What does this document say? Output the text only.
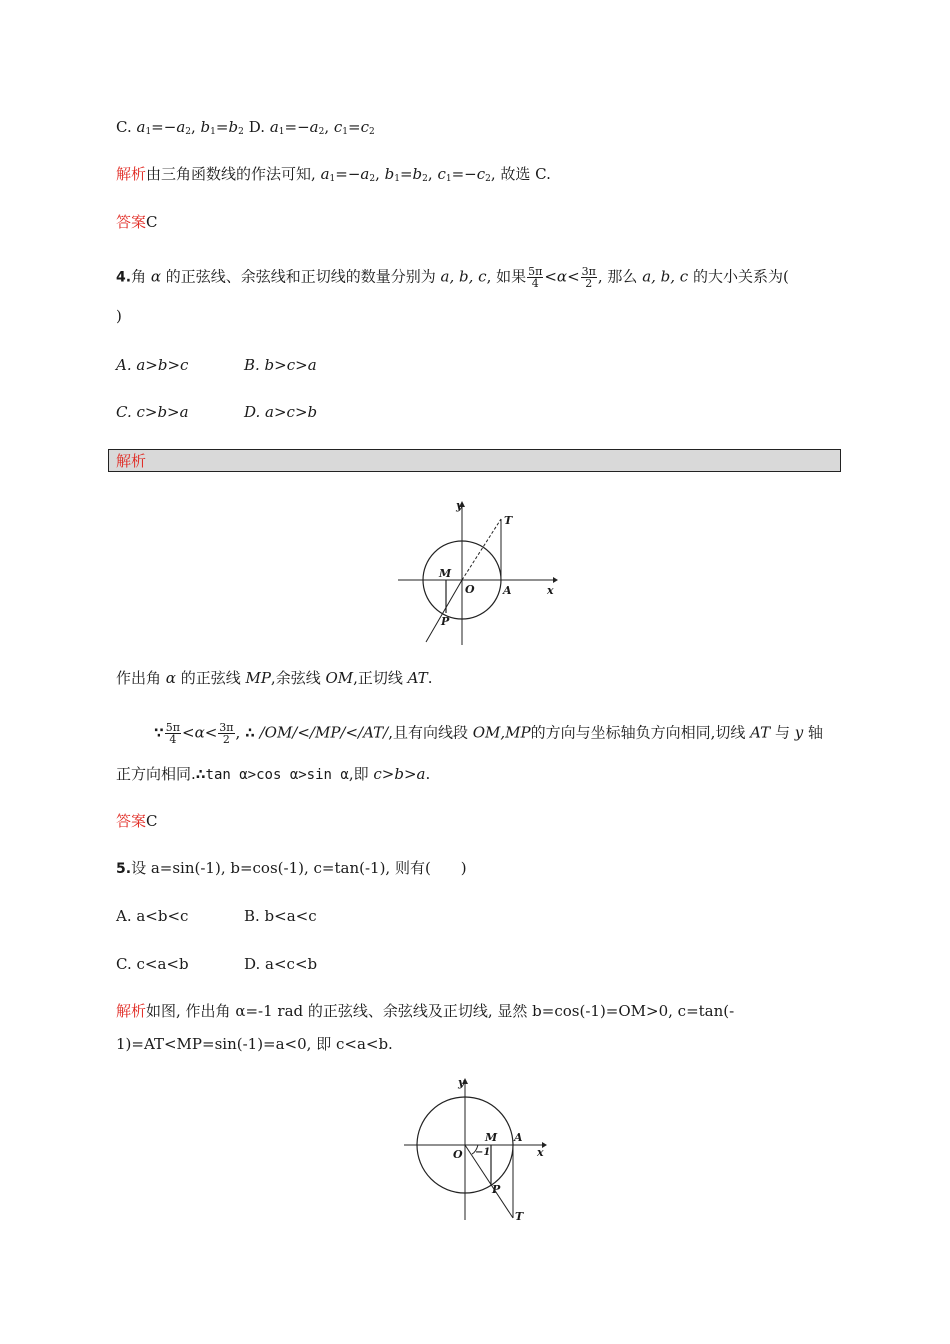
C. $a_1=-a_2$, $b_1=b_2$ D. $a_1=-a_2$, $c_1=c_2$
解析由三角函数线的作法可知, $a_1=-a_2$, $b_1=b_2$, $c_1=-c_2$, 故选 C.
答案C
4.角 α 的正弦线、余弦线和正切线的数量分别为 a, b, c, 如果 $\frac{5\pi}{4} <\alpha< \frac{3\pi}{2}$ , 那么 a, b, c 的大小关系为(
)
A. a>b>c	B. b>c>a
C. c>b>a	D. a>c>b
解析
y
x
T
M
O	A
P
作出角 α 的正弦线 MP,余弦线 OM,正切线 AT.
∵ $\frac{5\pi}{4} <\alpha< \frac{3\pi}{2}$ , ∴ /OM/</MP/</AT/,且有向线段 OM,MP的方向与坐标轴负方向相同,切线 AT 与 y 轴
正方向相同.∴tan α>cos α>sin α,即 c>b>a.
答案C
5.设 a=sin(-1), b=cos(-1), c=tan(-1), 则有(　　)
A. a<b<c	B. b<a<c
C. c<a<b	D. a<c<b
解析如图, 作出角 α=-1 rad 的正弦线、余弦线及正切线, 显然 b=cos(-1)=OM>0, c=tan(-
1)=AT<MP=sin(-1)=a<0, 即 c<a<b.
y
x
M A
O −1
P
T
